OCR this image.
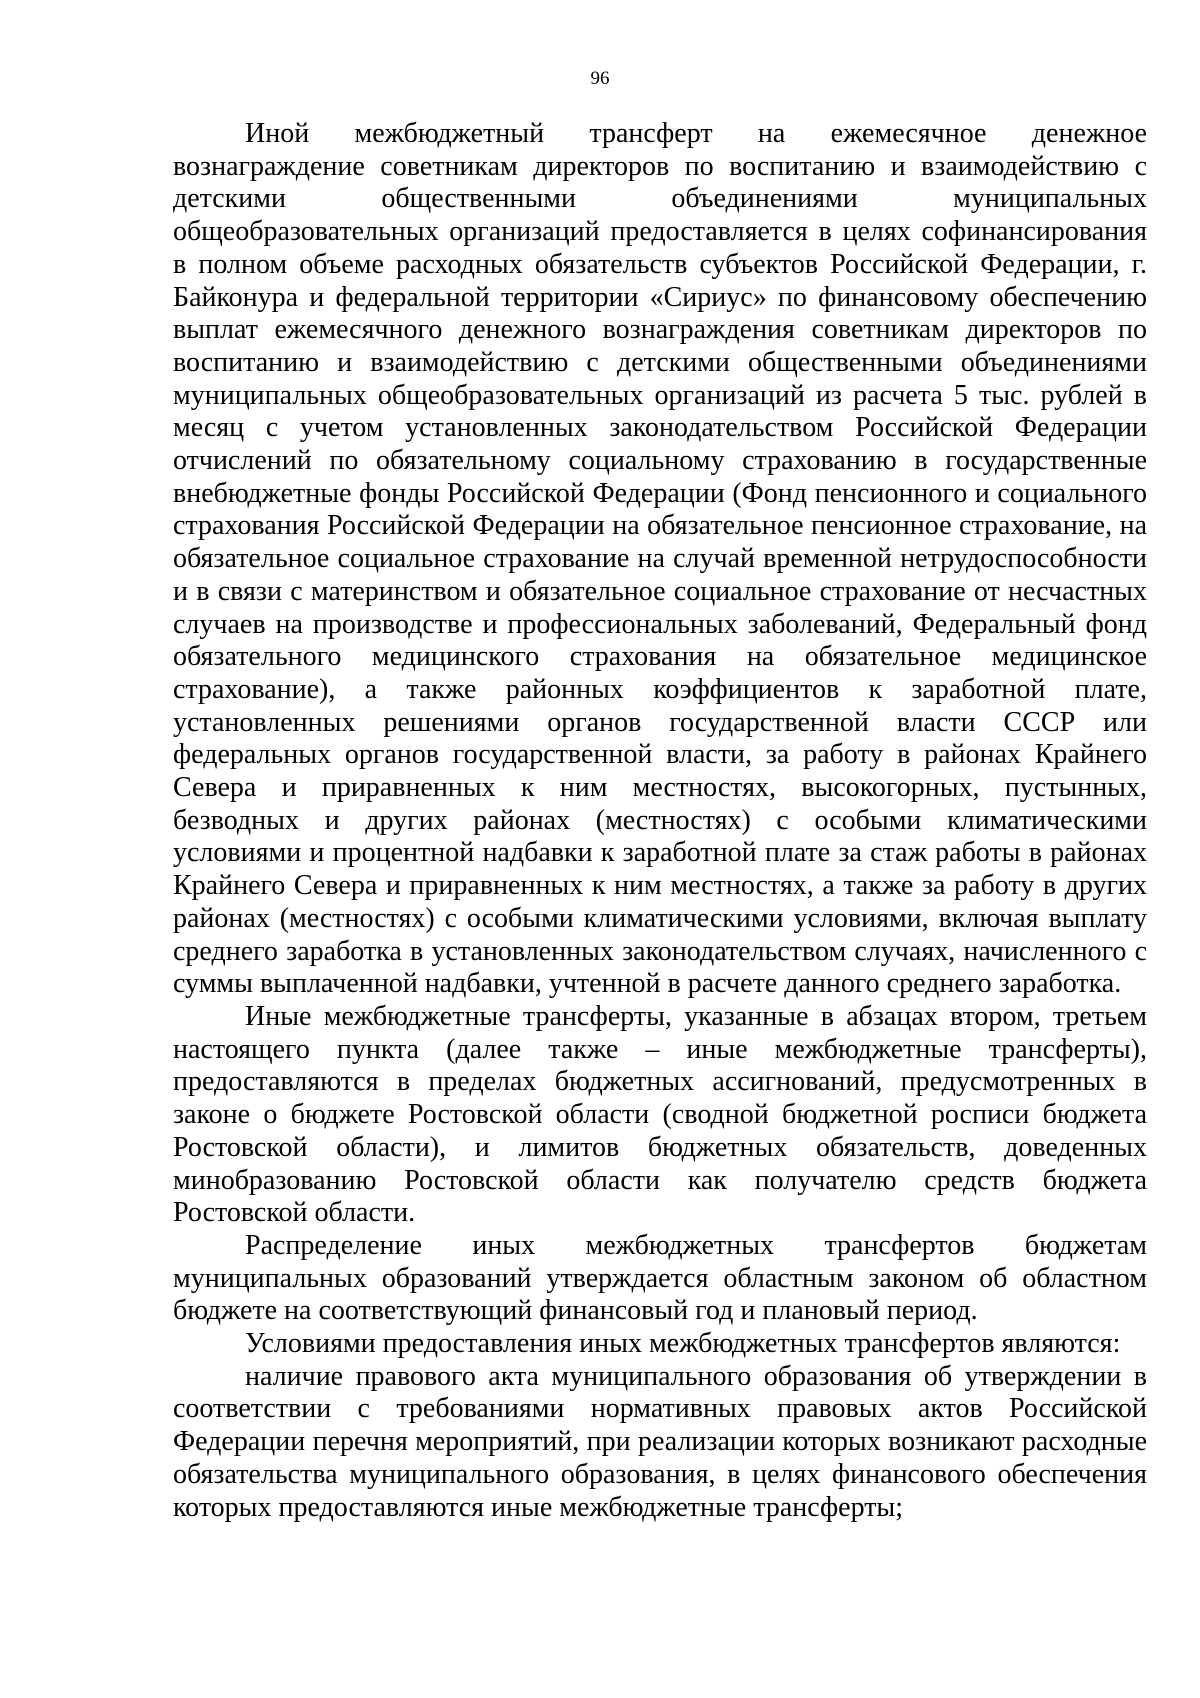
96

Иной межбюджетный трансферт на ежемесячное денежное вознаграждение советникам директоров по воспитанию и взаимодействию с детскими общественными объединениями муниципальных общеобразовательных организаций предоставляется в целях софинансирования в полном объеме расходных обязательств субъектов Российской Федерации, г. Байконура и федеральной территории «Сириус» по финансовому обеспечению выплат ежемесячного денежного вознаграждения советникам директоров по воспитанию и взаимодействию с детскими общественными объединениями муниципальных общеобразовательных организаций из расчета 5 тыс. рублей в месяц с учетом установленных законодательством Российской Федерации отчислений по обязательному социальному страхованию в государственные внебюджетные фонды Российской Федерации (Фонд пенсионного и социального страхования Российской Федерации на обязательное пенсионное страхование, на обязательное социальное страхование на случай временной нетрудоспособности и в связи с материнством и обязательное социальное страхование от несчастных случаев на производстве и профессиональных заболеваний, Федеральный фонд обязательного медицинского страхования на обязательное медицинское страхование), а также районных коэффициентов к заработной плате, установленных решениями органов государственной власти СССР или федеральных органов государственной власти, за работу в районах Крайнего Севера и приравненных к ним местностях, высокогорных, пустынных, безводных и других районах (местностях) с особыми климатическими условиями и процентной надбавки к заработной плате за стаж работы в районах Крайнего Севера и приравненных к ним местностях, а также за работу в других районах (местностях) с особыми климатическими условиями, включая выплату среднего заработка в установленных законодательством случаях, начисленного с суммы выплаченной надбавки, учтенной в расчете данного среднего заработка.

Иные межбюджетные трансферты, указанные в абзацах втором, третьем настоящего пункта (далее также – иные межбюджетные трансферты), предоставляются в пределах бюджетных ассигнований, предусмотренных в законе о бюджете Ростовской области (сводной бюджетной росписи бюджета Ростовской области), и лимитов бюджетных обязательств, доведенных минобразованию Ростовской области как получателю средств бюджета Ростовской области.

Распределение иных межбюджетных трансфертов бюджетам муниципальных образований утверждается областным законом об областном бюджете на соответствующий финансовый год и плановый период.

Условиями предоставления иных межбюджетных трансфертов являются:

наличие правового акта муниципального образования об утверждении в соответствии с требованиями нормативных правовых актов Российской Федерации перечня мероприятий, при реализации которых возникают расходные обязательства муниципального образования, в целях финансового обеспечения которых предоставляются иные межбюджетные трансферты;
